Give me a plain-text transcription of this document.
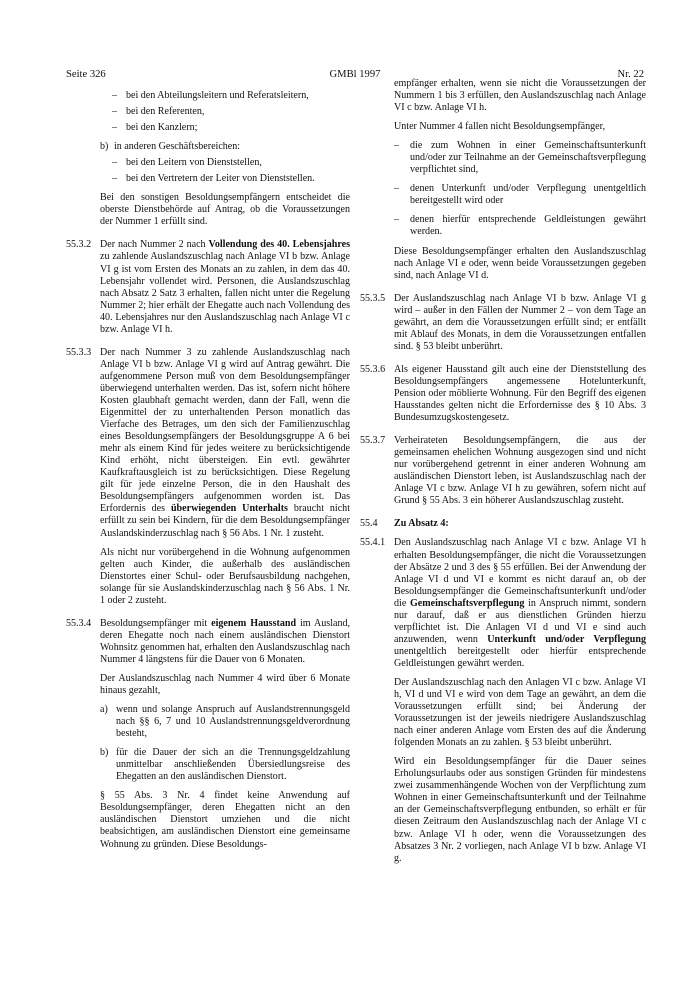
Seite 326	GMBl 1997	Nr. 22
– bei den Abteilungsleitern und Referatsleitern,
– bei den Referenten,
– bei den Kanzlern;
b) in anderen Geschäftsbereichen:
– bei den Leitern von Dienststellen,
– bei den Vertretern der Leiter von Dienststellen.

Bei den sonstigen Besoldungsempfängern entscheidet die oberste Dienstbehörde auf Antrag, ob die Voraussetzungen der Nummer 1 erfüllt sind.

55.3.2 Der nach Nummer 2 nach Vollendung des 40. Lebensjahres zu zahlende Auslandszuschlag nach Anlage VI b bzw. Anlage VI g ist vom Ersten des Monats an zu zahlen, in dem das 40. Lebensjahr vollendet wird. Personen, die Auslandszuschlag nach Absatz 2 Satz 3 erhalten, fallen nicht unter die Regelung Nummer 2; hier erhält der Ehegatte auch nach Vollendung des 40. Lebensjahres nur den Auslandszuschlag nach Anlage VI c bzw. Anlage VI h.

55.3.3 Der nach Nummer 3 zu zahlende Auslandszuschlag nach Anlage VI b bzw. Anlage VI g wird auf Antrag gewährt. Die aufgenommene Person muß von dem Besoldungsempfänger überwiegend unterhalten werden. Das ist, sofern nicht höhere Kosten glaubhaft gemacht werden, dann der Fall, wenn die Eigenmittel der zu unterhaltenden Person monatlich das Vierfache des Betrages, um den sich der Familienzuschlag eines Besoldungsempfängers der Besoldungsgruppe A 6 bei mehr als einem Kind für jedes weitere zu berücksichtigende Kind erhöht, nicht übersteigen. Ein evtl. gewährter Kaufkraftausgleich ist zu berücksichtigen. Diese Regelung gilt für jede einzelne Person, die in den Haushalt des Besoldungsempfängers aufgenommen worden ist. Das Erfordernis des überwiegenden Unterhalts braucht nicht erfüllt zu sein bei Kindern, für die dem Besoldungsempfänger Auslandskinderzuschlag nach § 56 Abs. 1 Nr. 1 zusteht.

Als nicht nur vorübergehend in die Wohnung aufgenommen gelten auch Kinder, die außerhalb des ausländischen Dienstortes einer Schul- oder Berufsausbildung nachgehen, solange für sie Auslandskinderzuschlag nach § 56 Abs. 1 Nr. 1 oder 2 zusteht.

55.3.4 Besoldungsempfänger mit eigenem Hausstand im Ausland, deren Ehegatte noch nach einem ausländischen Dienstort Wohnsitz genommen hat, erhalten den Auslandszuschlag nach Nummer 4 längstens für die Dauer von 6 Monaten.

Der Auslandszuschlag nach Nummer 4 wird über 6 Monate hinaus gezahlt,

a) wenn und solange Anspruch auf Auslandstrennungsgeld nach §§ 6, 7 und 10 Auslandstrennungsgeldverordnung besteht,

b) für die Dauer der sich an die Trennungsgeldzahlung unmittelbar anschließenden Übersiedlungsreise des Ehegatten an den ausländischen Dienstort.

§ 55 Abs. 3 Nr. 4 findet keine Anwendung auf Besoldungsempfänger, deren Ehegatten nicht an den ausländischen Dienstort umziehen und die nicht beabsichtigen, am ausländischen Dienstort eine gemeinsame Wohnung zu gründen. Diese Besoldungs-

empfänger erhalten, wenn sie nicht die Voraussetzungen der Nummern 1 bis 3 erfüllen, den Auslandszuschlag nach Anlage VI c bzw. Anlage VI h.

Unter Nummer 4 fallen nicht Besoldungsempfänger,

– die zum Wohnen in einer Gemeinschaftsunterkunft und/oder zur Teilnahme an der Gemeinschaftsverpflegung verpflichtet sind,

– denen Unterkunft und/oder Verpflegung unentgeltlich bereitgestellt wird oder

– denen hierfür entsprechende Geldleistungen gewährt werden.

Diese Besoldungsempfänger erhalten den Auslandszuschlag nach Anlage VI e oder, wenn beide Voraussetzungen gegeben sind, nach Anlage VI d.

55.3.5 Der Auslandszuschlag nach Anlage VI b bzw. Anlage VI g wird – außer in den Fällen der Nummer 2 – von dem Tage an gewährt, an dem die Voraussetzungen erfüllt sind; er entfällt mit Ablauf des Monats, in dem die Voraussetzungen entfallen sind. § 53 bleibt unberührt.

55.3.6 Als eigener Hausstand gilt auch eine der Dienststellung des Besoldungsempfängers angemessene Hotelunterkunft, Pension oder möblierte Wohnung. Für den Begriff des eigenen Hausstandes gelten nicht die Erfordernisse des § 10 Abs. 3 Bundesumzugskostengesetz.

55.3.7 Verheirateten Besoldungsempfängern, die aus der gemeinsamen ehelichen Wohnung ausgezogen sind und nicht nur vorübergehend getrennt in einer anderen Wohnung am ausländischen Dienstort leben, ist Auslandszuschlag nach der Anlage VI c bzw. Anlage VI h zu gewähren, sofern nicht auf Grund § 55 Abs. 3 ein höherer Auslandszuschlag zusteht.

55.4 Zu Absatz 4:

55.4.1 Den Auslandszuschlag nach Anlage VI c bzw. Anlage VI h erhalten Besoldungsempfänger, die nicht die Voraussetzungen der Absätze 2 und 3 des § 55 erfüllen. Bei der Anwendung der Anlage VI d und VI e kommt es nicht darauf an, ob der Besoldungsempfänger die Gemeinschaftsunterkunft und/oder die Gemeinschaftsverpflegung in Anspruch nimmt, sondern nur darauf, daß er aus dienstlichen Gründen hierzu verpflichtet ist. Die Anlagen VI d und VI e sind auch anzuwenden, wenn Unterkunft und/oder Verpflegung unentgeltlich bereitgestellt oder hierfür entsprechende Geldleistungen gewährt werden.

Der Auslandszuschlag nach den Anlagen VI c bzw. Anlage VI h, VI d und VI e wird von dem Tage an gewährt, an dem die Voraussetzungen erfüllt sind; bei Änderung der Voraussetzungen ist der jeweils niedrigere Auslandszuschlag nach einer anderen Anlage vom Ersten des auf die Änderung folgenden Monats an zu zahlen. § 53 bleibt unberührt.

Wird ein Besoldungsempfänger für die Dauer seines Erholungsurlaubs oder aus sonstigen Gründen für mindestens zwei zusammenhängende Wochen von der Verpflichtung zum Wohnen in einer Gemeinschaftsunterkunft und der Teilnahme an der Gemeinschaftsverpflegung entbunden, so erhält er für diesen Zeitraum den Auslandszuschlag nach der Anlage VI c bzw. Anlage VI h oder, wenn die Voraussetzungen des Absatzes 3 Nr. 2 vorliegen, nach Anlage VI b bzw. Anlage VI g.
